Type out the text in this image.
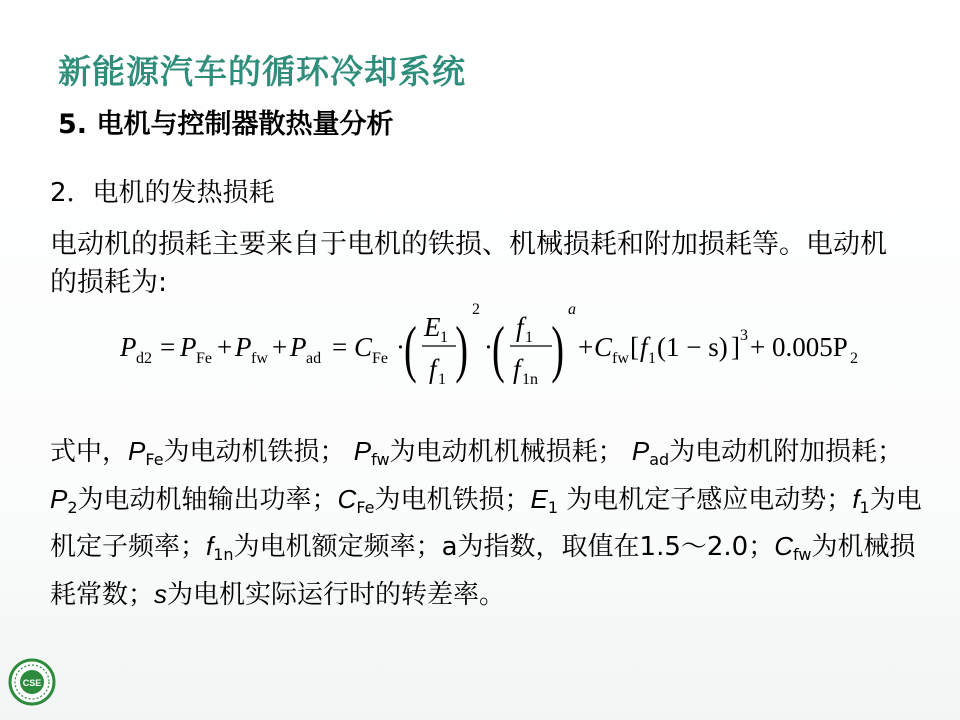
新能源汽车的循环冷却系统
5. 电机与控制器散热量分析
2．电机的发热损耗
电动机的损耗主要来自于电机的铁损、机械损耗和附加损耗等。电动机的损耗为:
P d2 = P Fe + P fw + P ad = C Fe · ( E 1
f 1 )
2
· ( f 1
f 1n )
a
+ C fw [ f 1 (1 − s) ] 3 + 0.005P 2
式中，$P_{Fe}$为电动机铁损； $P_{fw}$为电动机机械损耗； $P_{ad}$为电动机附加损耗；$P_2$为电动机轴输出功率；$C_{Fe}$为电机铁损；$E_1$ 为电机定子感应电动势；$f_1$为电机定子频率；$f_{1n}$为电机额定频率；a为指数，取值在1.5～2.0；$C_{fw}$为机械损耗常数；s为电机实际运行时的转差率。
CSE
